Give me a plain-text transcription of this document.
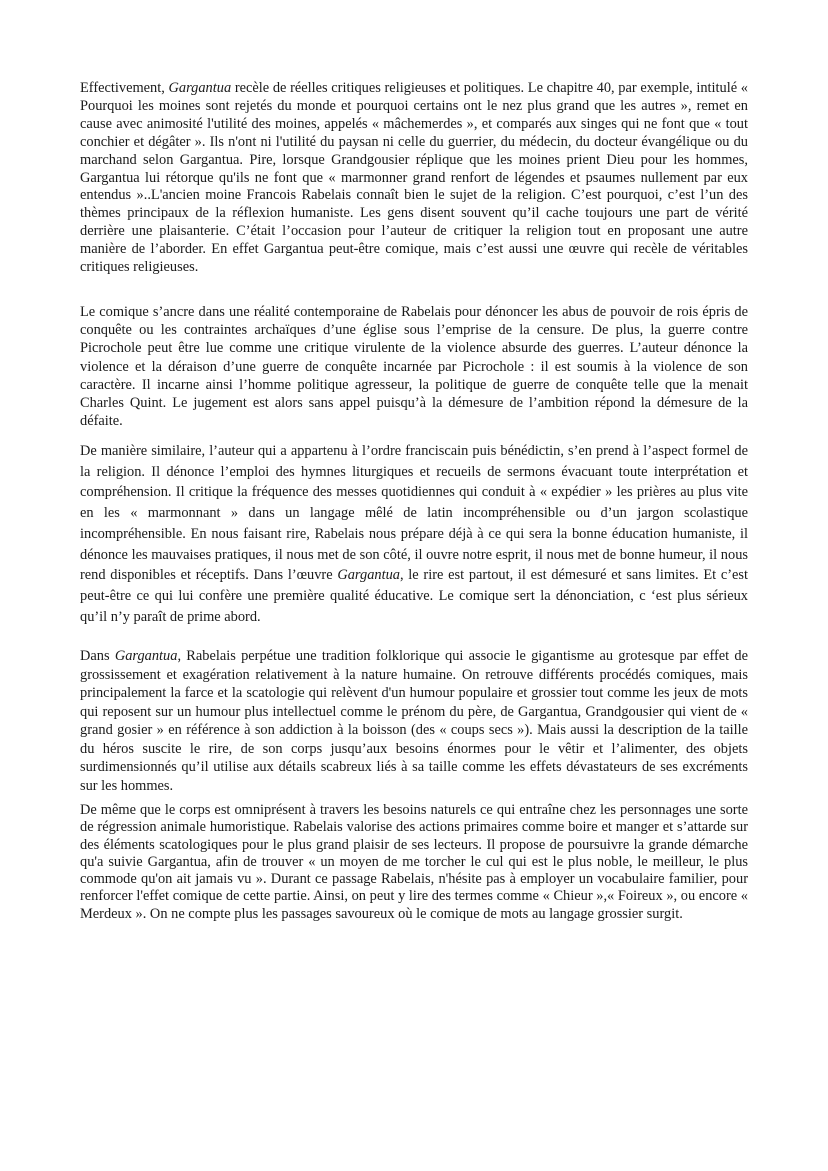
Effectivement, Gargantua recèle de réelles critiques religieuses et politiques. Le chapitre 40, par exemple, intitulé « Pourquoi les moines sont rejetés du monde et pourquoi certains ont le nez plus grand que les autres », remet en cause avec animosité l'utilité des moines, appelés « mâchemerdes », et comparés aux singes qui ne font que « tout conchier et dégâter ». Ils n'ont ni l'utilité du paysan ni celle du guerrier, du médecin, du docteur évangélique ou du marchand selon Gargantua. Pire, lorsque Grandgousier réplique que les moines prient Dieu pour les hommes, Gargantua lui rétorque qu'ils ne font que « marmonner grand renfort de légendes et psaumes nullement par eux entendus »..L'ancien moine Francois Rabelais connaît bien le sujet de la religion. C’est pourquoi, c’est l’un des thèmes principaux de la réflexion humaniste. Les gens disent souvent qu’il cache toujours une part de vérité derrière une plaisanterie. C’était l’occasion pour l’auteur de critiquer la religion tout en proposant une autre manière de l’aborder. En effet Gargantua peut-être comique, mais c’est aussi une œuvre qui recèle de véritables critiques religieuses.

Le comique s’ancre dans une réalité contemporaine de Rabelais pour dénoncer les abus de pouvoir de rois épris de conquête ou les contraintes archaïques d’une église sous l’emprise de la censure. De plus, la guerre contre Picrochole peut être lue comme une critique virulente de la violence absurde des guerres. L’auteur dénonce la violence et la déraison d’une guerre de conquête incarnée par Picrochole : il est soumis à la violence de son caractère. Il incarne ainsi l’homme politique agresseur, la politique de guerre de conquête telle que la menait Charles Quint. Le jugement est alors sans appel puisqu’à la démesure de l’ambition répond la démesure de la défaite.

De manière similaire, l’auteur qui a appartenu à l’ordre franciscain puis bénédictin, s’en prend à l’aspect formel de la religion. Il dénonce l’emploi des hymnes liturgiques et recueils de sermons évacuant toute interprétation et compréhension. Il critique la fréquence des messes quotidiennes qui conduit à « expédier » les prières au plus vite en les « marmonnant » dans un langage mêlé de latin incompréhensible ou d’un jargon scolastique incompréhensible. En nous faisant rire, Rabelais nous prépare déjà à ce qui sera la bonne éducation humaniste, il dénonce les mauvaises pratiques, il nous met de son côté, il ouvre notre esprit, il nous met de bonne humeur, il nous rend disponibles et réceptifs. Dans l’œuvre Gargantua, le rire est partout, il est démesuré et sans limites. Et c’est peut-être ce qui lui confère une première qualité éducative. Le comique sert la dénonciation, c ‘est plus sérieux qu’il n’y paraît de prime abord.

Dans Gargantua, Rabelais perpétue une tradition folklorique qui associe le gigantisme au grotesque par effet de grossissement et exagération relativement à la nature humaine. On retrouve différents procédés comiques, mais principalement la farce et la scatologie qui relèvent d'un humour populaire et grossier tout comme les jeux de mots qui reposent sur un humour plus intellectuel comme le prénom du père, de Gargantua, Grandgousier qui vient de « grand gosier » en référence à son addiction à la boisson (des « coups secs »). Mais aussi la description de la taille du héros suscite le rire, de son corps jusqu’aux besoins énormes pour le vêtir et l’alimenter, des objets surdimensionnés qu’il utilise aux détails scabreux liés à sa taille comme les effets dévastateurs de ses excréments sur les hommes.

De même que le corps est omniprésent à travers les besoins naturels ce qui entraîne chez les personnages une sorte de régression animale humoristique. Rabelais valorise des actions primaires comme boire et manger et s’attarde sur des éléments scatologiques pour le plus grand plaisir de ses lecteurs. Il propose de poursuivre la grande démarche qu'a suivie Gargantua, afin de trouver « un moyen de me torcher le cul qui est le plus noble, le meilleur, le plus commode qu'on ait jamais vu ». Durant ce passage Rabelais, n'hésite pas à employer un vocabulaire familier, pour renforcer l'effet comique de cette partie. Ainsi, on peut y lire des termes comme « Chieur »,« Foireux », ou encore « Merdeux ». On ne compte plus les passages savoureux où le comique de mots au langage grossier surgit.
